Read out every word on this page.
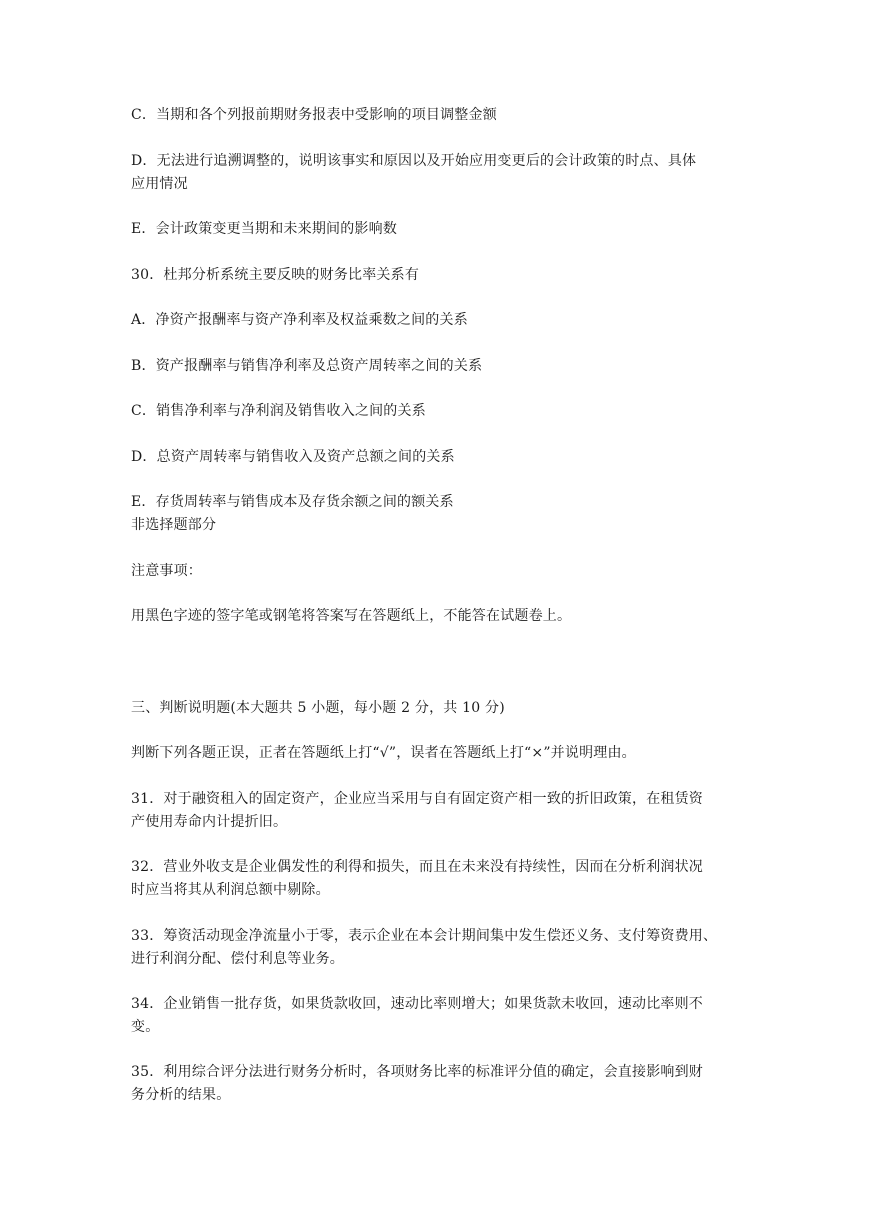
C．当期和各个列报前期财务报表中受影响的项目调整金额
D．无法进行追溯调整的，说明该事实和原因以及开始应用变更后的会计政策的时点、具体
应用情况
E．会计政策变更当期和未来期间的影响数
30．杜邦分析系统主要反映的财务比率关系有
A．净资产报酬率与资产净利率及权益乘数之间的关系
B．资产报酬率与销售净利率及总资产周转率之间的关系
C．销售净利率与净利润及销售收入之间的关系
D．总资产周转率与销售收入及资产总额之间的关系
E．存货周转率与销售成本及存货余额之间的额关系
非选择题部分
注意事项：
用黑色字迹的签字笔或钢笔将答案写在答题纸上，不能答在试题卷上。
三、判断说明题(本大题共 5 小题，每小题 2 分，共 10 分)
判断下列各题正误，正者在答题纸上打“√”，误者在答题纸上打“×”并说明理由。
31．对于融资租入的固定资产，企业应当采用与自有固定资产相一致的折旧政策，在租赁资
产使用寿命内计提折旧。
32．营业外收支是企业偶发性的利得和损失，而且在未来没有持续性，因而在分析利润状况
时应当将其从利润总额中剔除。
33．筹资活动现金净流量小于零，表示企业在本会计期间集中发生偿还义务、支付筹资费用、
进行利润分配、偿付利息等业务。
34．企业销售一批存货，如果货款收回，速动比率则增大；如果货款未收回，速动比率则不
变。
35．利用综合评分法进行财务分析时，各项财务比率的标准评分值的确定，会直接影响到财
务分析的结果。
